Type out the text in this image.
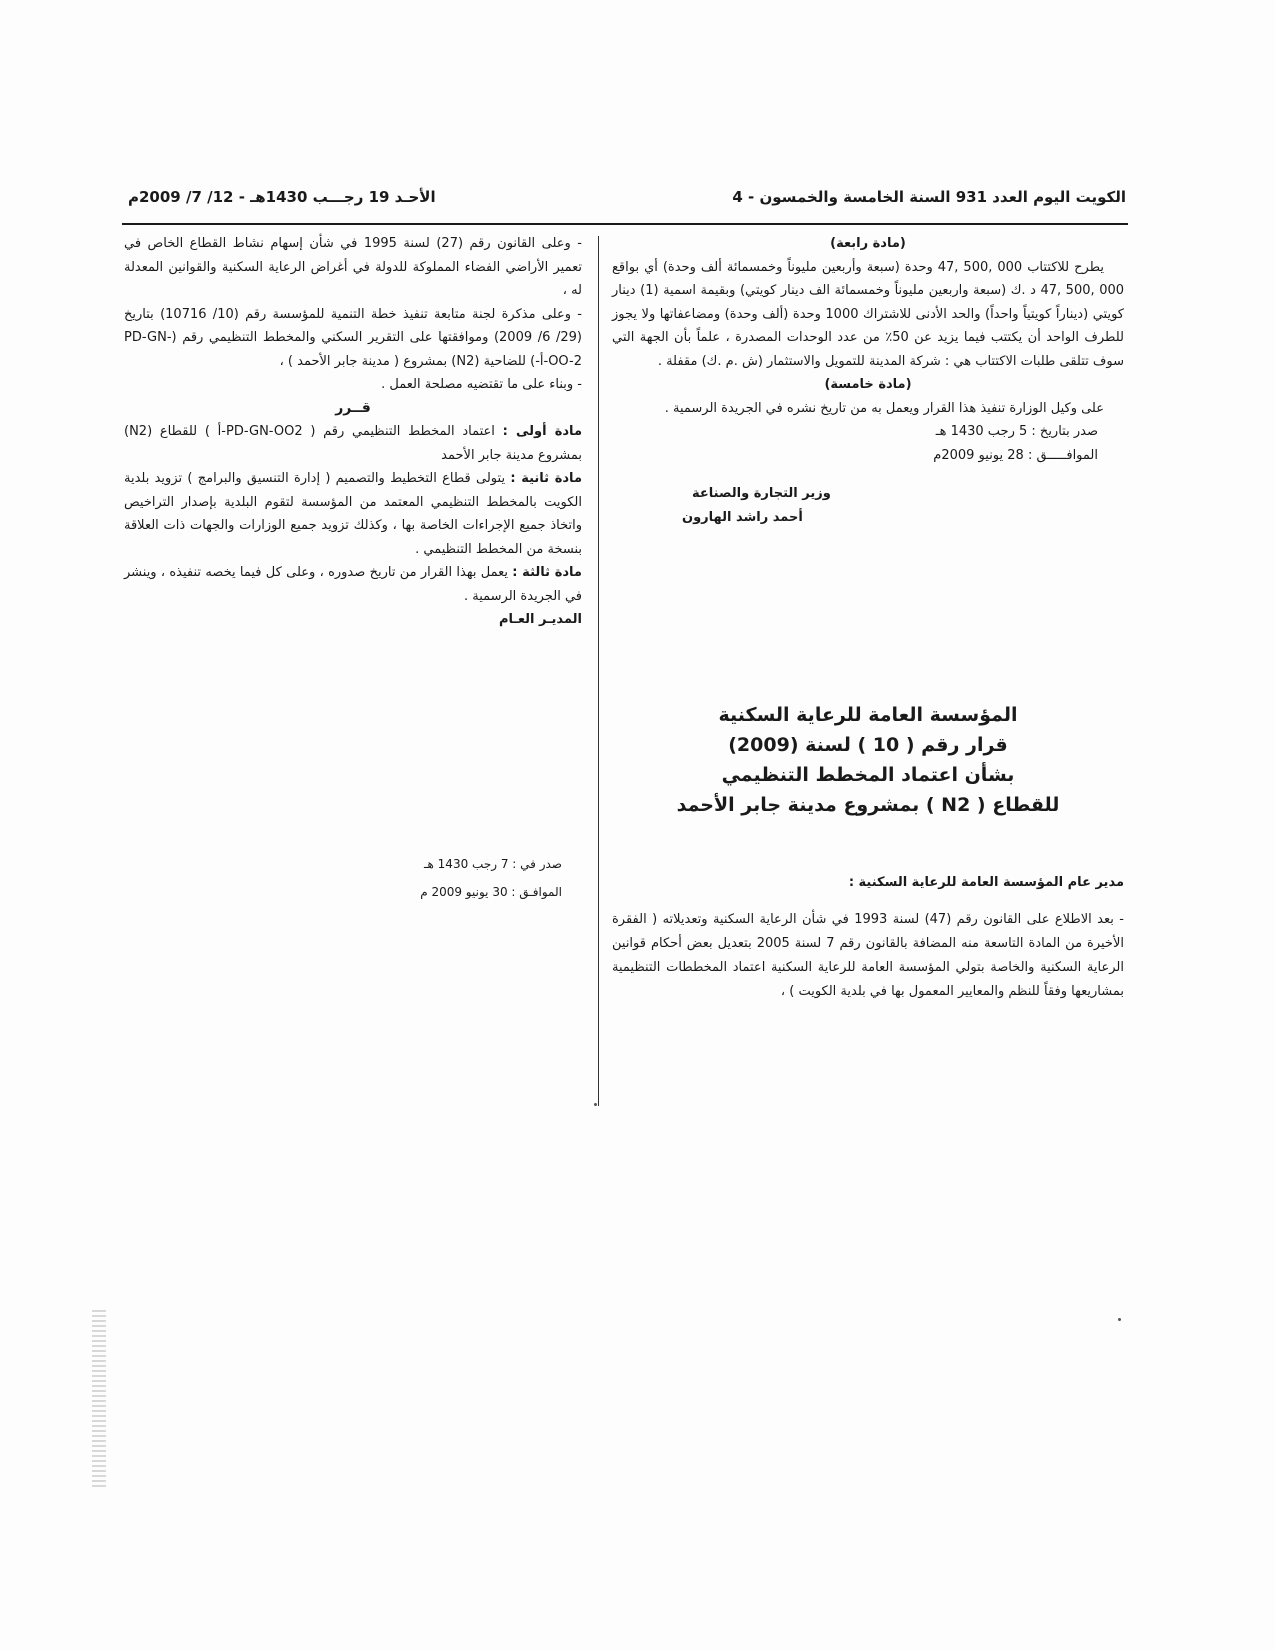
الكويت اليوم العدد 931 السنة الخامسة والخمسون - 4
الأحـد 19 رجـــب 1430هـ - 12/ 7/ 2009م

(مادة رابعة)

يطرح للاكتتاب 000 ,500 ,47 وحدة (سبعة وأربعين مليوناً وخمسمائة ألف وحدة) أي بواقع 000 ,500 ,47 د .ك (سبعة واربعين مليوناً وخمسمائة الف دينار كويتي) وبقيمة اسمية (1) دينار كويتي (ديناراً كويتياً واحداً) والحد الأدنى للاشتراك 1000 وحدة (ألف وحدة) ومضاعفاتها ولا يجوز للطرف الواحد أن يكتتب فيما يزيد عن 50٪ من عدد الوحدات المصدرة ، علماً بأن الجهة التي سوف تتلقى طلبات الاكتتاب هي : شركة المدينة للتمويل والاستثمار (ش .م .ك) مقفلة .

(مادة خامسة)

على وكيل الوزارة تنفيذ هذا القرار ويعمل به من تاريخ نشره في الجريدة الرسمية .

صدر بتاريخ : 5 رجب 1430 هـ

الموافـــــق : 28 يونيو 2009م

وزير التجارة والصناعة
أحمد راشد الهارون
المؤسسة العامة للرعاية السكنية
قرار رقم ( 10 ) لسنة (2009)
بشأن اعتماد المخطط التنظيمي
للقطاع ( N2 ) بمشروع مدينة جابر الأحمد

مدير عام المؤسسة العامة للرعاية السكنية :

- بعد الاطلاع على القانون رقم (47) لسنة 1993 في شأن الرعاية السكنية وتعديلاته ( الفقرة الأخيرة من المادة التاسعة منه المضافة بالقانون رقم 7 لسنة 2005 بتعديل بعض أحكام قوانين الرعاية السكنية والخاصة بتولي المؤسسة العامة للرعاية السكنية اعتماد المخططات التنظيمية بمشاريعها وفقاً للنظم والمعايير المعمول بها في بلدية الكويت ) ،

- وعلى القانون رقم (27) لسنة 1995 في شأن إسهام نشاط القطاع الخاص في تعمير الأراضي الفضاء المملوكة للدولة في أغراض الرعاية السكنية والقوانين المعدلة له ،

- وعلى مذكرة لجنة متابعة تنفيذ خطة التنمية للمؤسسة رقم (10/ 10716) بتاريخ (29/ 6/ 2009) وموافقتها على التقرير السكني والمخطط التنظيمي رقم (PD-GN-OO-2-أ-) للضاحية (N2) بمشروع ( مدينة جابر الأحمد ) ،

- وبناء على ما تقتضيه مصلحة العمل .

قــرر

مادة أولى : اعتماد المخطط التنظيمي رقم ( PD-GN-OO2-أ ) للقطاع (N2) بمشروع مدينة جابر الأحمد

مادة ثانية : يتولى قطاع التخطيط والتصميم ( إدارة التنسيق والبرامج ) تزويد بلدية الكويت بالمخطط التنظيمي المعتمد من المؤسسة لتقوم البلدية بإصدار التراخيص واتخاذ جميع الإجراءات الخاصة بها ، وكذلك تزويد جميع الوزارات والجهات ذات العلاقة بنسخة من المخطط التنظيمي .

مادة ثالثة : يعمل بهذا القرار من تاريخ صدوره ، وعلى كل فيما يخصه تنفيذه ، وينشر في الجريدة الرسمية .

المديـر العـام

صدر في : 7 رجب 1430 هـ
الموافـق : 30 يونيو 2009 م
